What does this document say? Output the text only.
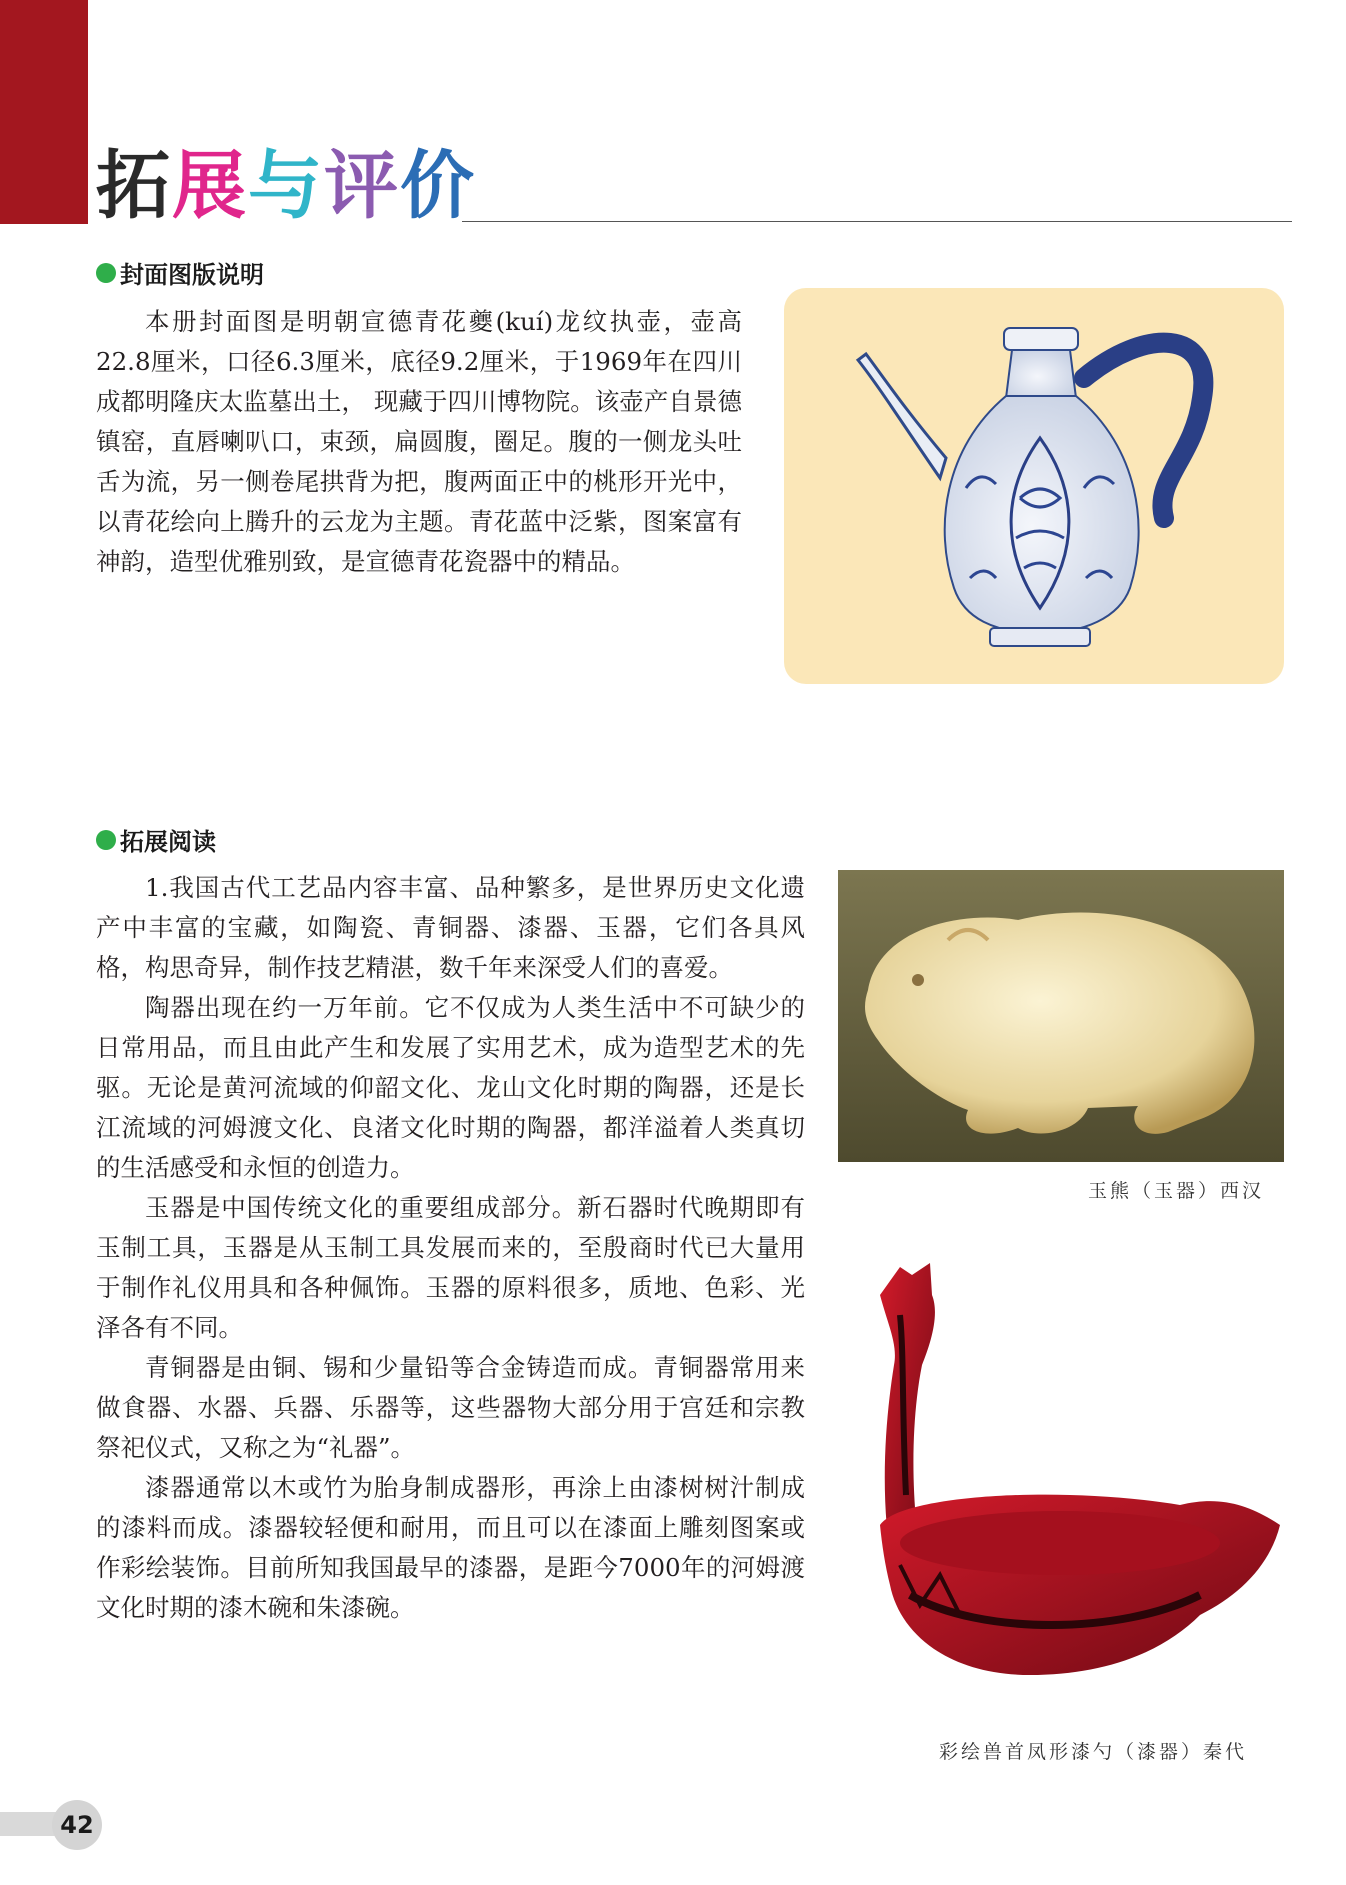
拓展与评价
封面图版说明

本册封面图是明朝宣德青花夔(kuí)龙纹执壶，壶高22.8厘米，口径6.3厘米，底径9.2厘米，于1969年在四川成都明隆庆太监墓出土， 现藏于四川博物院。该壶产自景德镇窑，直唇喇叭口，束颈，扁圆腹，圈足。腹的一侧龙头吐舌为流，另一侧卷尾拱背为把，腹两面正中的桃形开光中，以青花绘向上腾升的云龙为主题。青花蓝中泛紫，图案富有神韵，造型优雅别致，是宣德青花瓷器中的精品。

拓展阅读

1.我国古代工艺品内容丰富、品种繁多，是世界历史文化遗产中丰富的宝藏，如陶瓷、青铜器、漆器、玉器，它们各具风格，构思奇异，制作技艺精湛，数千年来深受人们的喜爱。

陶器出现在约一万年前。它不仅成为人类生活中不可缺少的日常用品，而且由此产生和发展了实用艺术，成为造型艺术的先驱。无论是黄河流域的仰韶文化、龙山文化时期的陶器，还是长江流域的河姆渡文化、良渚文化时期的陶器，都洋溢着人类真切的生活感受和永恒的创造力。

玉器是中国传统文化的重要组成部分。新石器时代晚期即有玉制工具，玉器是从玉制工具发展而来的，至殷商时代已大量用于制作礼仪用具和各种佩饰。玉器的原料很多，质地、色彩、光泽各有不同。

青铜器是由铜、锡和少量铅等合金铸造而成。青铜器常用来做食器、水器、兵器、乐器等，这些器物大部分用于宫廷和宗教祭祀仪式，又称之为“礼器”。

漆器通常以木或竹为胎身制成器形，再涂上由漆树树汁制成的漆料而成。漆器较轻便和耐用，而且可以在漆面上雕刻图案或作彩绘装饰。目前所知我国最早的漆器，是距今7000年的河姆渡文化时期的漆木碗和朱漆碗。

玉熊（玉器）西汉
彩绘兽首凤形漆勺（漆器）秦代
42
